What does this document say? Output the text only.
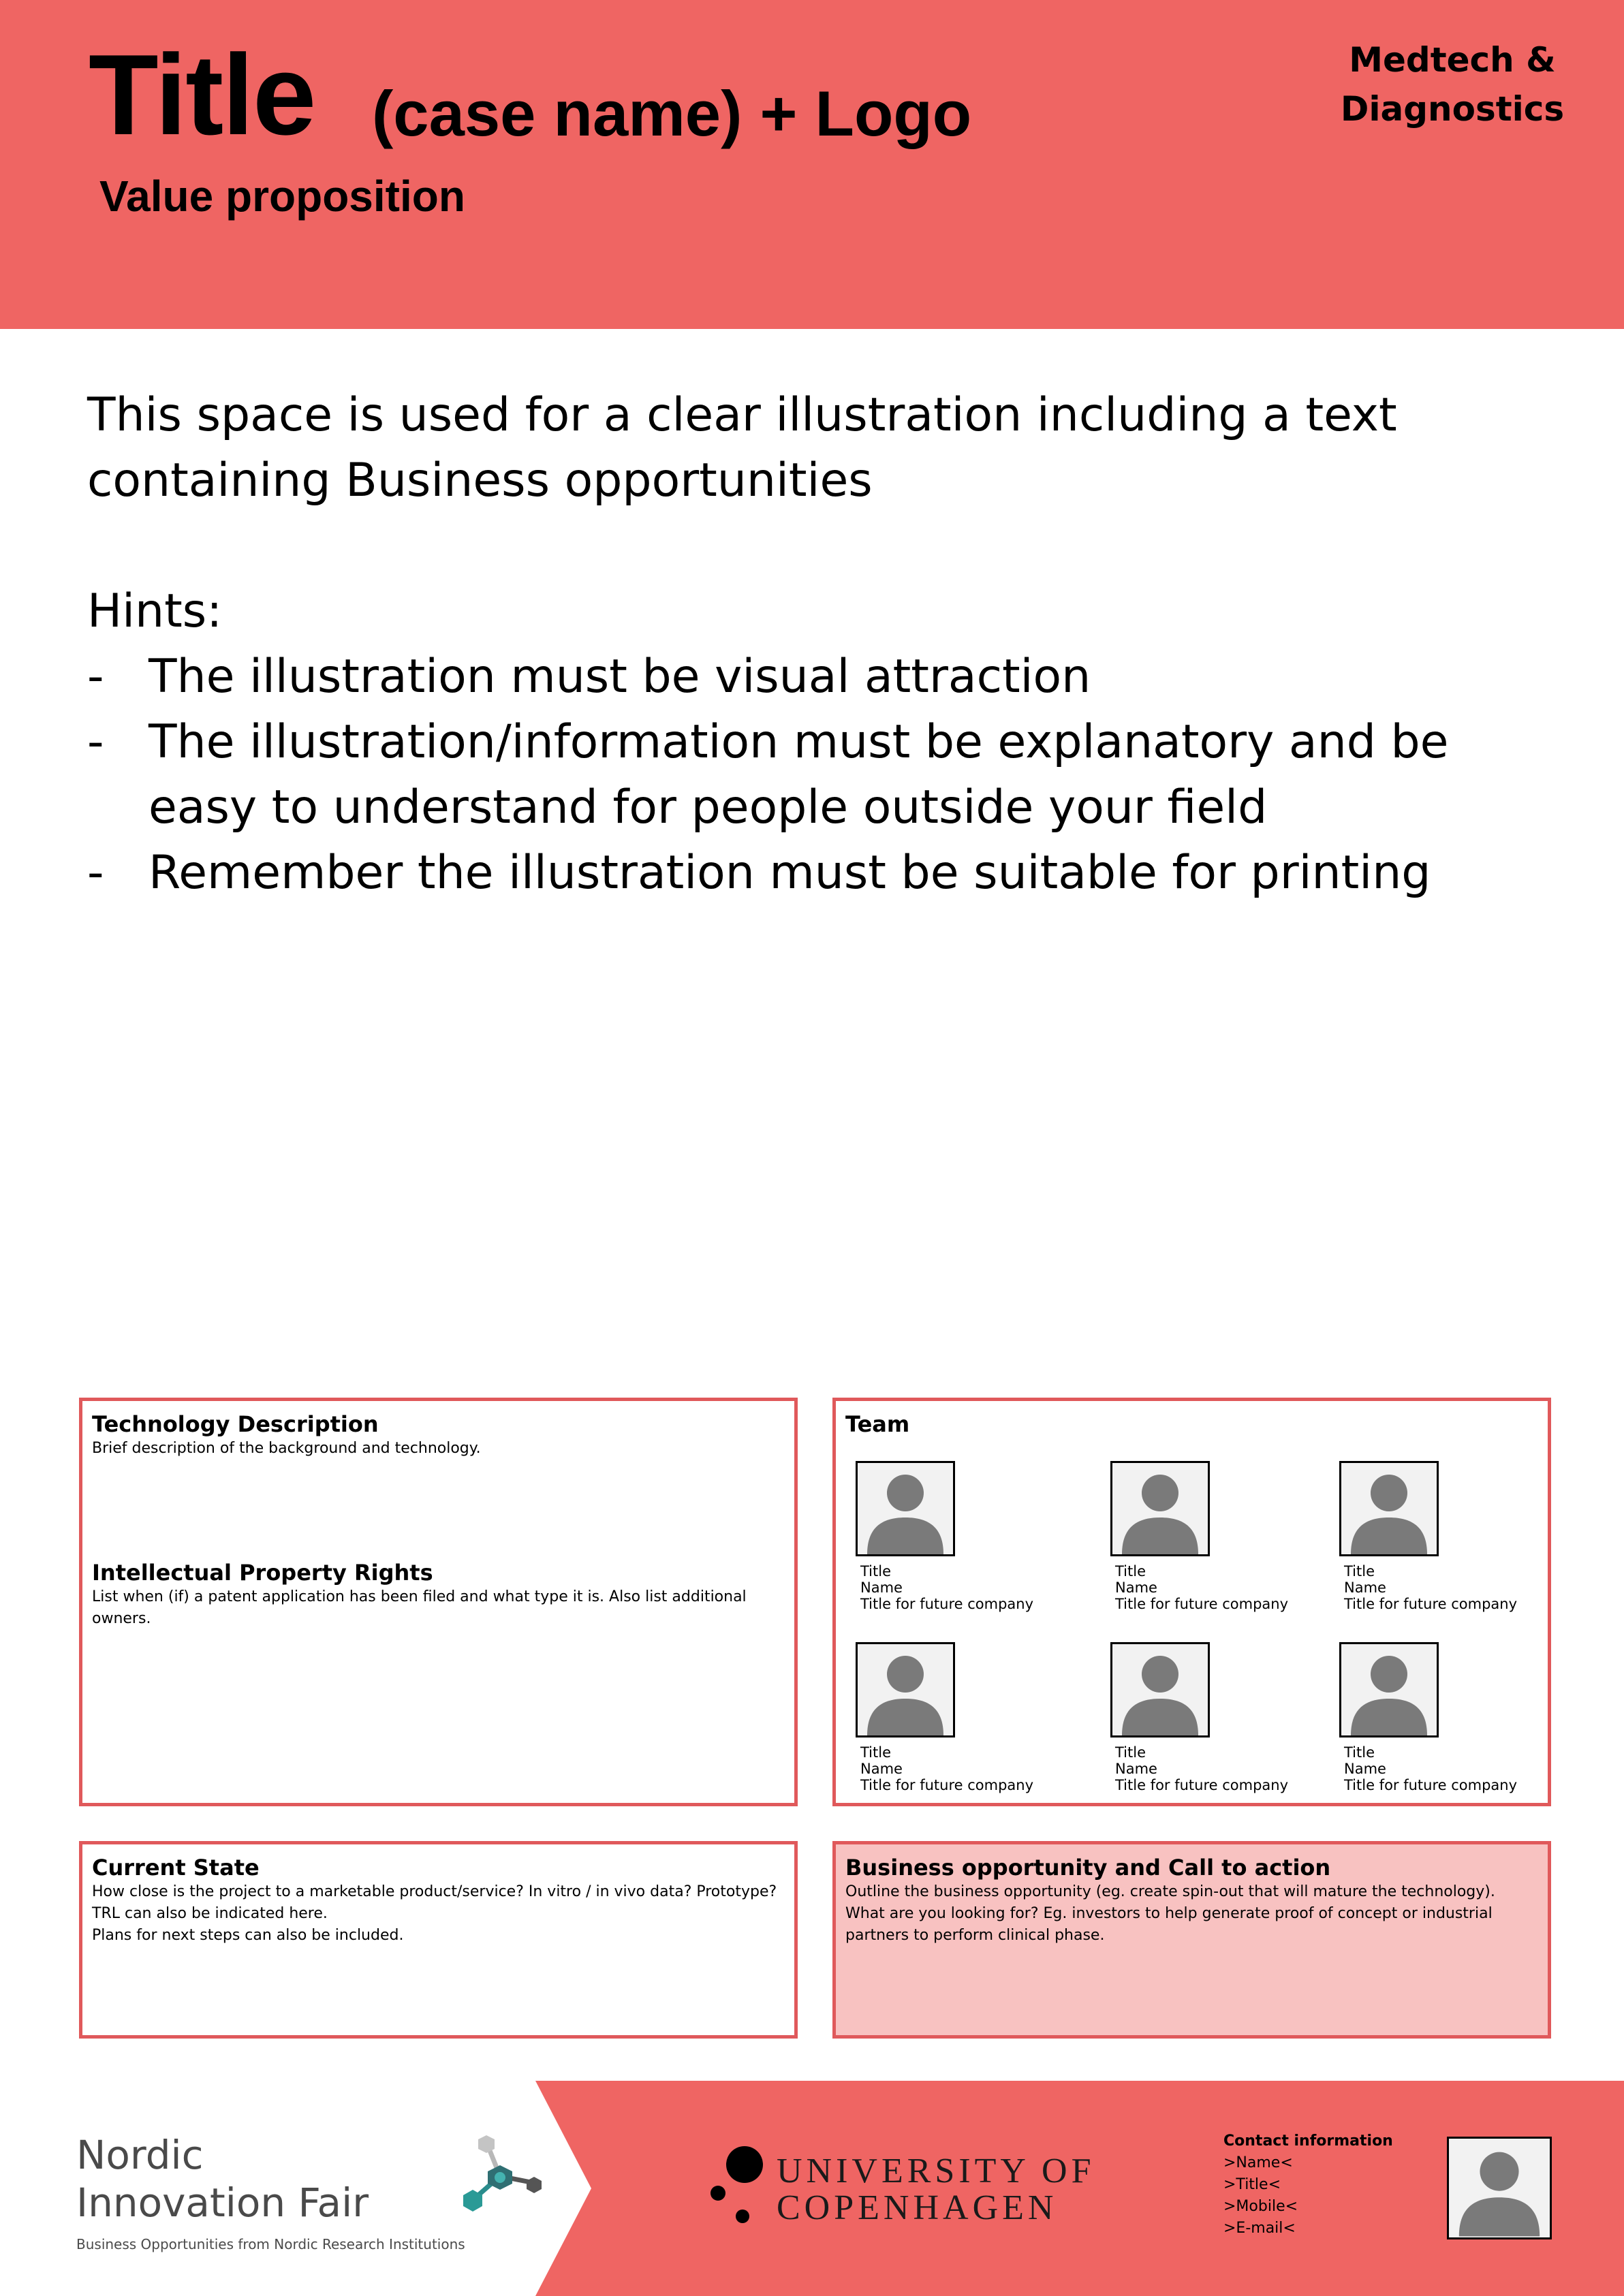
Title (case name) + Logo
Value proposition
Medtech &
Diagnostics

This space is used for a clear illustration including a text

containing Business opportunities

Hints:

- The illustration must be visual attraction

- The illustration/information must be explanatory and be easy to understand for people outside your field

- Remember the illustration must be suitable for printing

Technology Description

Brief description of the background and technology.

Intellectual Property Rights

List when (if) a patent application has been filed and what type it is. Also list additional owners.

Team
Title
Name
Title for future company
Title
Name
Title for future company
Title
Name
Title for future company
Title
Name
Title for future company
Title
Name
Title for future company
Title
Name
Title for future company
Current State

How close is the project to a marketable product/service? In vitro / in vivo data? Prototype?

TRL can also be indicated here.

Plans for next steps can also be included.

Business opportunity and Call to action

Outline the business opportunity (eg. create spin-out that will mature the technology).

What are you looking for? Eg. investors to help generate proof of concept or industrial partners to perform clinical phase.

Nordic
Innovation Fair
Business Opportunities from Nordic Research Institutions
UNIVERSITY OF
COPENHAGEN
Contact information
>Name<
>Title<
>Mobile<
>E-mail<
